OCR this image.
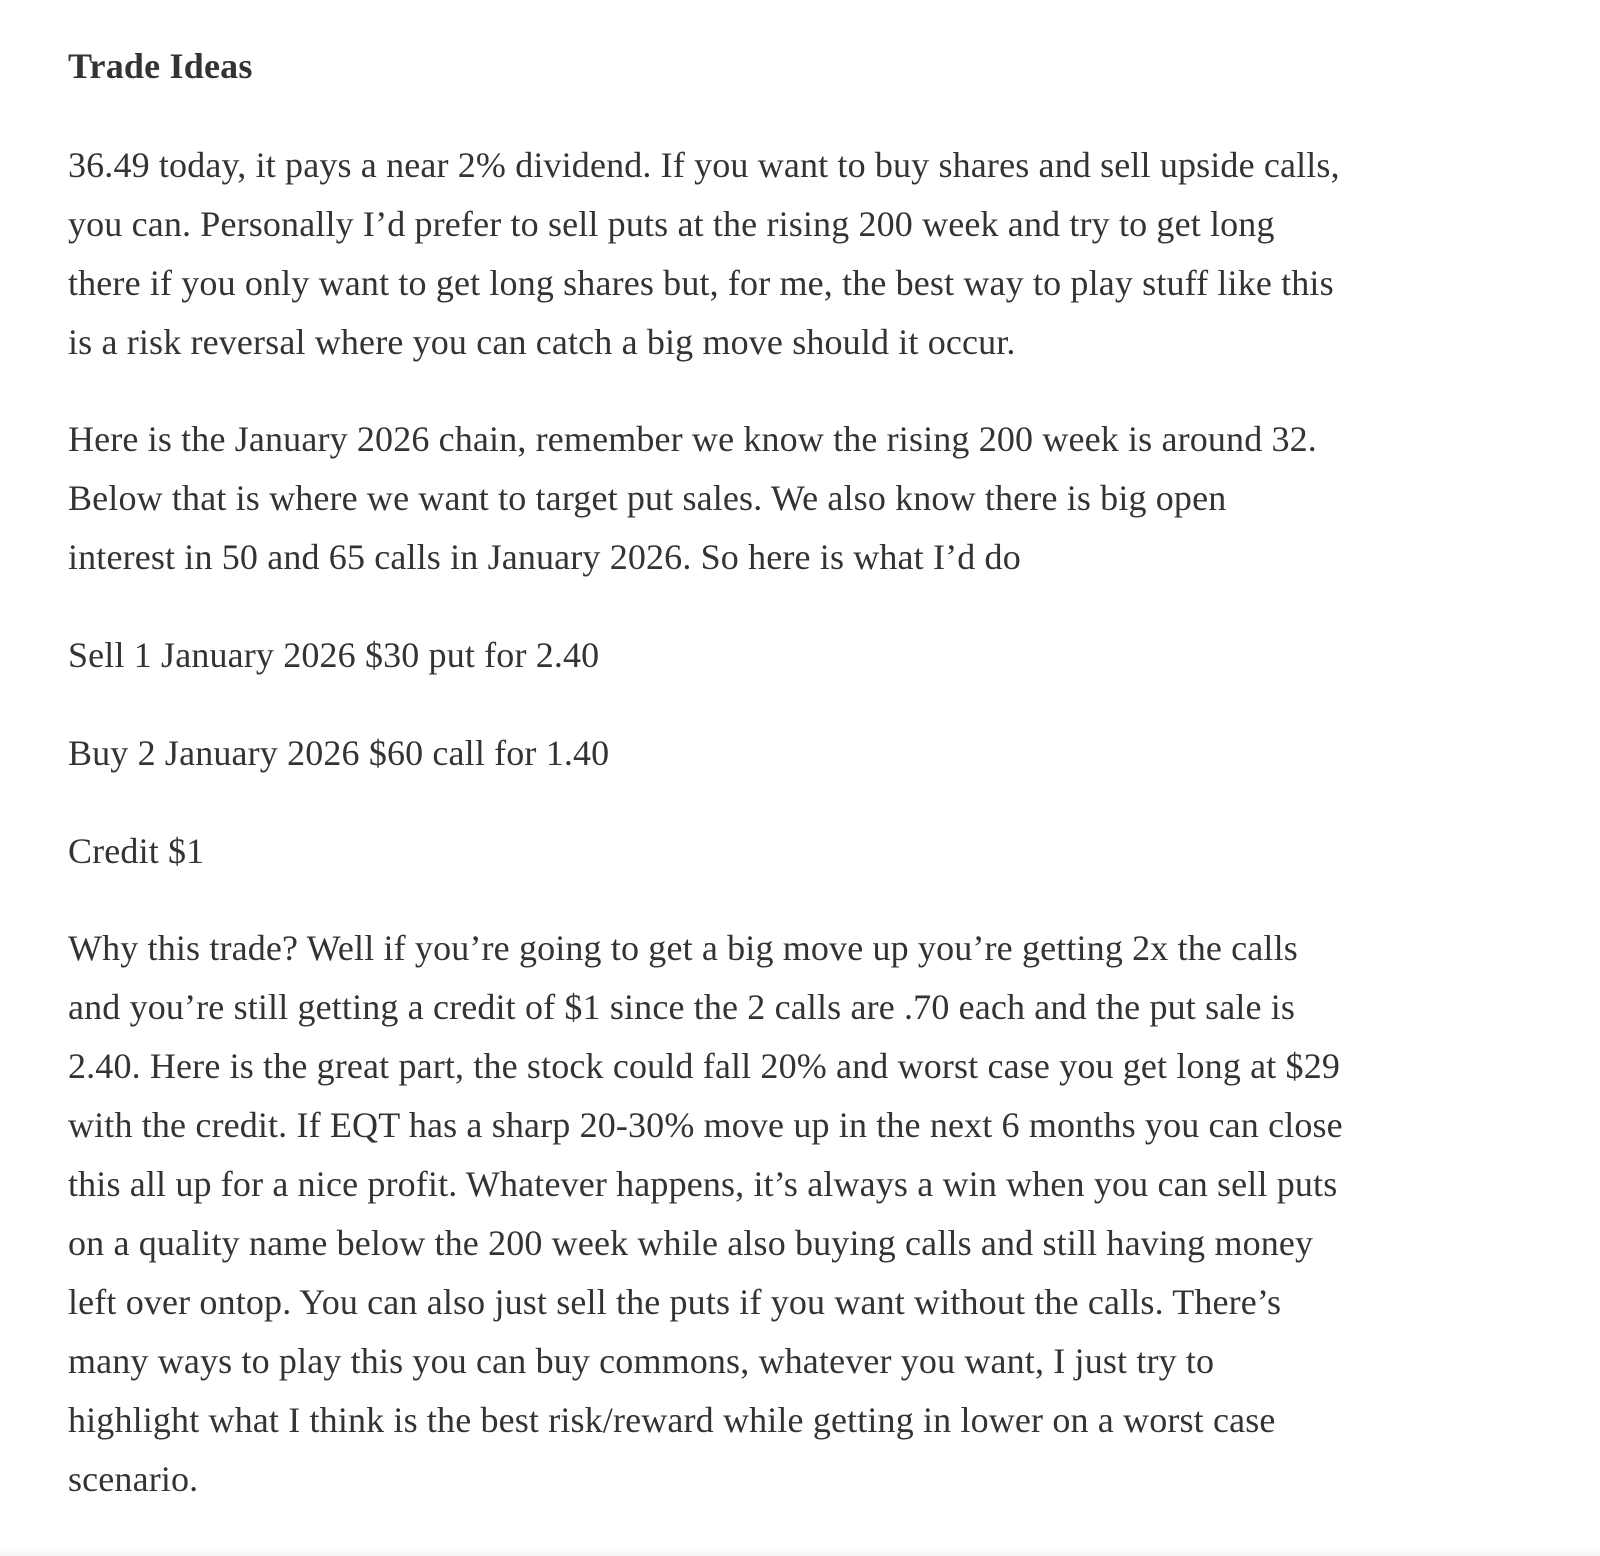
Trade Ideas

36.49 today, it pays a near 2% dividend. If you want to buy shares and sell upside calls,
you can. Personally I’d prefer to sell puts at the rising 200 week and try to get long
there if you only want to get long shares but, for me, the best way to play stuff like this
is a risk reversal where you can catch a big move should it occur.

Here is the January 2026 chain, remember we know the rising 200 week is around 32.
Below that is where we want to target put sales. We also know there is big open
interest in 50 and 65 calls in January 2026. So here is what I’d do

Sell 1 January 2026 $30 put for 2.40

Buy 2 January 2026 $60 call for 1.40

Credit $1

Why this trade? Well if you’re going to get a big move up you’re getting 2x the calls
and you’re still getting a credit of $1 since the 2 calls are .70 each and the put sale is
2.40. Here is the great part, the stock could fall 20% and worst case you get long at $29
with the credit. If EQT has a sharp 20-30% move up in the next 6 months you can close
this all up for a nice profit. Whatever happens, it’s always a win when you can sell puts
on a quality name below the 200 week while also buying calls and still having money
left over ontop. You can also just sell the puts if you want without the calls. There’s
many ways to play this you can buy commons, whatever you want, I just try to
highlight what I think is the best risk/reward while getting in lower on a worst case
scenario.
